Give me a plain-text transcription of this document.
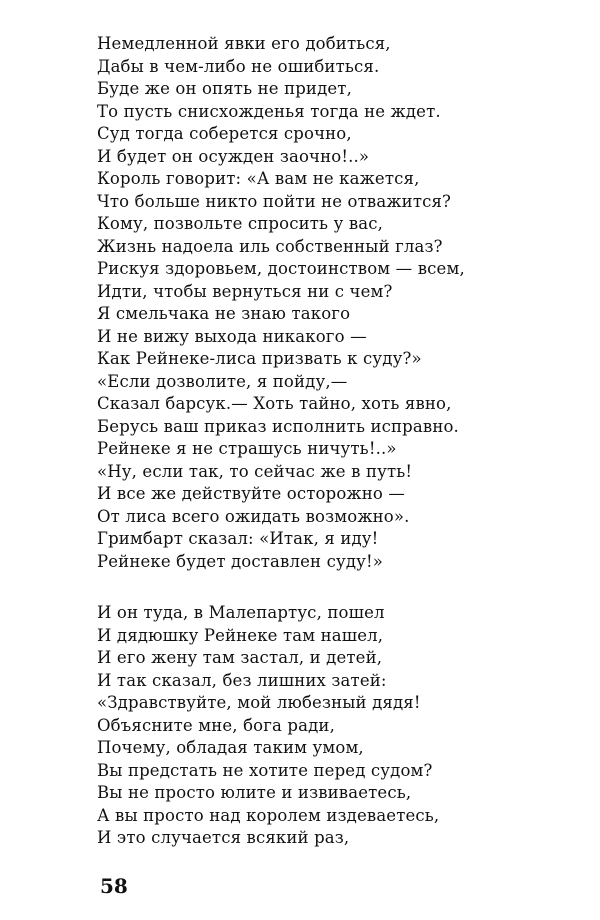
Немедленной явки его добиться,
Дабы в чем-либо не ошибиться.
Буде же он опять не придет,
То пусть снисхожденья тогда не ждет.
Суд тогда соберется срочно,
И будет он осужден заочно!..»
Король говорит: «А вам не кажется,
Что больше никто пойти не отважится?
Кому, позвольте спросить у вас,
Жизнь надоела иль собственный глаз?
Рискуя здоровьем, достоинством — всем,
Идти, чтобы вернуться ни с чем?
Я смельчака не знаю такого
И не вижу выхода никакого —
Как Рейнеке-лиса призвать к суду?»
«Если дозволите, я пойду,—
Сказал барсук.— Хоть тайно, хоть явно,
Берусь ваш приказ исполнить исправно.
Рейнеке я не страшусь ничуть!..»
«Ну, если так, то сейчас же в путь!
И все же действуйте осторожно —
От лиса всего ожидать возможно».
Гримбарт сказал: «Итак, я иду!
Рейнеке будет доставлен суду!»
И он туда, в Малепартус, пошел
И дядюшку Рейнеке там нашел,
И его жену там застал, и детей,
И так сказал, без лишних затей:
«Здравствуйте, мой любезный дядя!
Объясните мне, бога ради,
Почему, обладая таким умом,
Вы предстать не хотите перед судом?
Вы не просто юлите и извиваетесь,
А вы просто над королем издеваетесь,
И это случается всякий раз,
58
